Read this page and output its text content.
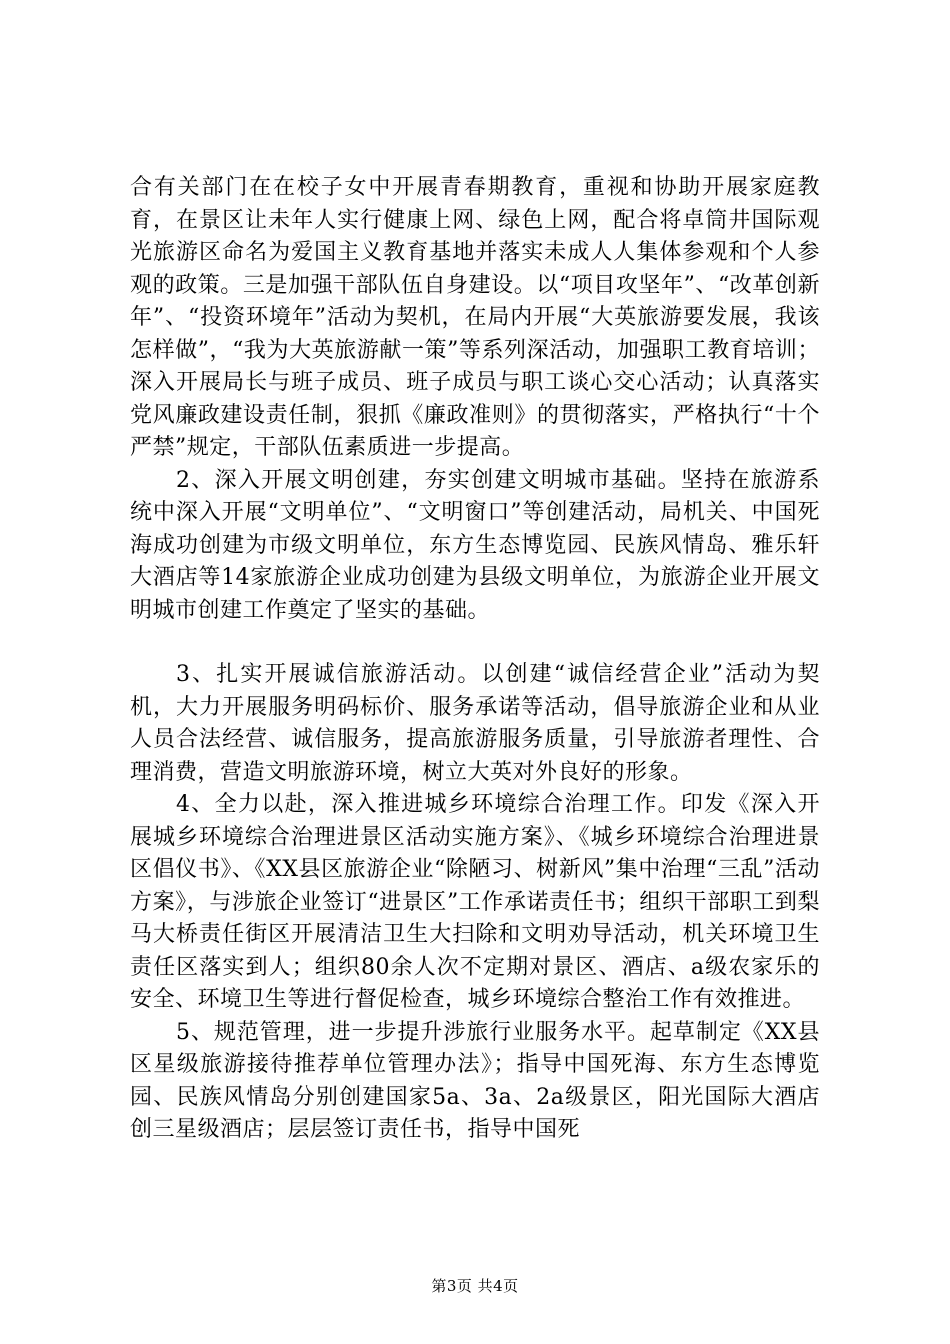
合有关部门在在校子女中开展青春期教育，重视和协助开展家庭教育，在景区让未年人实行健康上网、绿色上网，配合将卓筒井国际观光旅游区命名为爱国主义教育基地并落实未成人人集体参观和个人参观的政策。三是加强干部队伍自身建设。以“项目攻坚年”、“改革创新年”、“投资环境年”活动为契机，在局内开展“大英旅游要发展，我该怎样做”，“我为大英旅游献一策”等系列深活动，加强职工教育培训；深入开展局长与班子成员、班子成员与职工谈心交心活动；认真落实党风廉政建设责任制，狠抓《廉政准则》的贯彻落实，严格执行“十个严禁”规定，干部队伍素质进一步提高。

2、深入开展文明创建，夯实创建文明城市基础。坚持在旅游系统中深入开展“文明单位”、“文明窗口”等创建活动，局机关、中国死海成功创建为市级文明单位，东方生态博览园、民族风情岛、雅乐轩大酒店等14家旅游企业成功创建为县级文明单位，为旅游企业开展文明城市创建工作奠定了坚实的基础。

3、扎实开展诚信旅游活动。以创建“诚信经营企业”活动为契机，大力开展服务明码标价、服务承诺等活动，倡导旅游企业和从业人员合法经营、诚信服务，提高旅游服务质量，引导旅游者理性、合理消费，营造文明旅游环境，树立大英对外良好的形象。

4、全力以赴，深入推进城乡环境综合治理工作。印发《深入开展城乡环境综合治理进景区活动实施方案》、《城乡环境综合治理进景区倡仪书》、《XX县区旅游企业“除陋习、树新风”集中治理“三乱”活动方案》，与涉旅企业签订“进景区”工作承诺责任书；组织干部职工到梨马大桥责任街区开展清洁卫生大扫除和文明劝导活动，机关环境卫生责任区落实到人；组织80余人次不定期对景区、酒店、a级农家乐的安全、环境卫生等进行督促检查，城乡环境综合整治工作有效推进。

5、规范管理，进一步提升涉旅行业服务水平。起草制定《XX县区星级旅游接待推荐单位管理办法》；指导中国死海、东方生态博览园、民族风情岛分别创建国家5a、3a、2a级景区，阳光国际大酒店创三星级酒店；层层签订责任书，指导中国死

第3页 共4页
